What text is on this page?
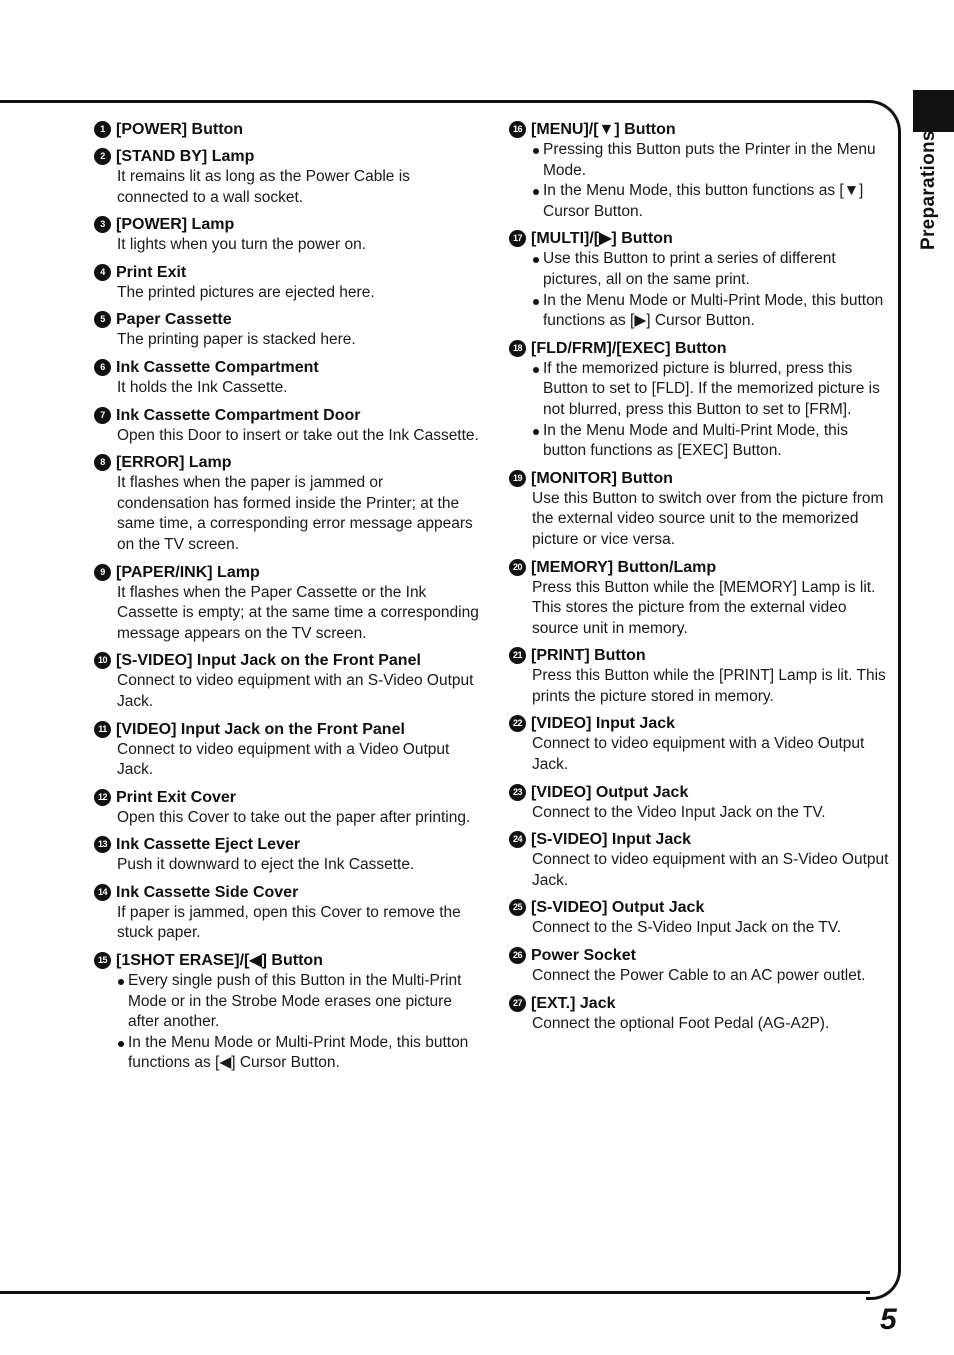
Preparations
5
1 [POWER] Button
2 [STAND BY] Lamp
It remains lit as long as the Power Cable is connected to a wall socket.
3 [POWER] Lamp
It lights when you turn the power on.
4 Print Exit
The printed pictures are ejected here.
5 Paper Cassette
The printing paper is stacked here.
6 Ink Cassette Compartment
It holds the Ink Cassette.
7 Ink Cassette Compartment Door
Open this Door to insert or take out the Ink Cassette.
8 [ERROR] Lamp
It flashes when the paper is jammed or condensation has formed inside the Printer; at the same time, a corresponding error message appears on the TV screen.
9 [PAPER/INK] Lamp
It flashes when the Paper Cassette or the Ink Cassette is empty; at the same time a corresponding message appears on the TV screen.
10 [S-VIDEO] Input Jack on the Front Panel
Connect to video equipment with an S-Video Output Jack.
11 [VIDEO] Input Jack on the Front Panel
Connect to video equipment with a Video Output Jack.
12 Print Exit Cover
Open this Cover to take out the paper after printing.
13 Ink Cassette Eject Lever
Push it downward to eject the Ink Cassette.
14 Ink Cassette Side Cover
If paper is jammed, open this Cover to remove the stuck paper.
15 [1SHOT ERASE]/[◀] Button
Every single push of this Button in the Multi-Print Mode or in the Strobe Mode erases one picture after another.
In the Menu Mode or Multi-Print Mode, this button functions as [◀] Cursor Button.
16 [MENU]/[▼] Button
Pressing this Button puts the Printer in the Menu Mode.
In the Menu Mode, this button functions as [▼] Cursor Button.
17 [MULTI]/[▶] Button
Use this Button to print a series of different pictures, all on the same print.
In the Menu Mode or Multi-Print Mode, this button functions as [▶] Cursor Button.
18 [FLD/FRM]/[EXEC] Button
If the memorized picture is blurred, press this Button to set to [FLD]. If the memorized picture is not blurred, press this Button to set to [FRM].
In the Menu Mode and Multi-Print Mode, this button functions as [EXEC] Button.
19 [MONITOR] Button
Use this Button to switch over from the picture from the external video source unit to the memorized picture or vice versa.
20 [MEMORY] Button/Lamp
Press this Button while the [MEMORY] Lamp is lit. This stores the picture from the external video source unit in memory.
21 [PRINT] Button
Press this Button while the [PRINT] Lamp is lit. This prints the picture stored in memory.
22 [VIDEO] Input Jack
Connect to video equipment with a Video Output Jack.
23 [VIDEO] Output Jack
Connect to the Video Input Jack on the TV.
24 [S-VIDEO] Input Jack
Connect to video equipment with an S-Video Output Jack.
25 [S-VIDEO] Output Jack
Connect to the S-Video Input Jack on the TV.
26 Power Socket
Connect the Power Cable to an AC power outlet.
27 [EXT.] Jack
Connect the optional Foot Pedal (AG-A2P).
